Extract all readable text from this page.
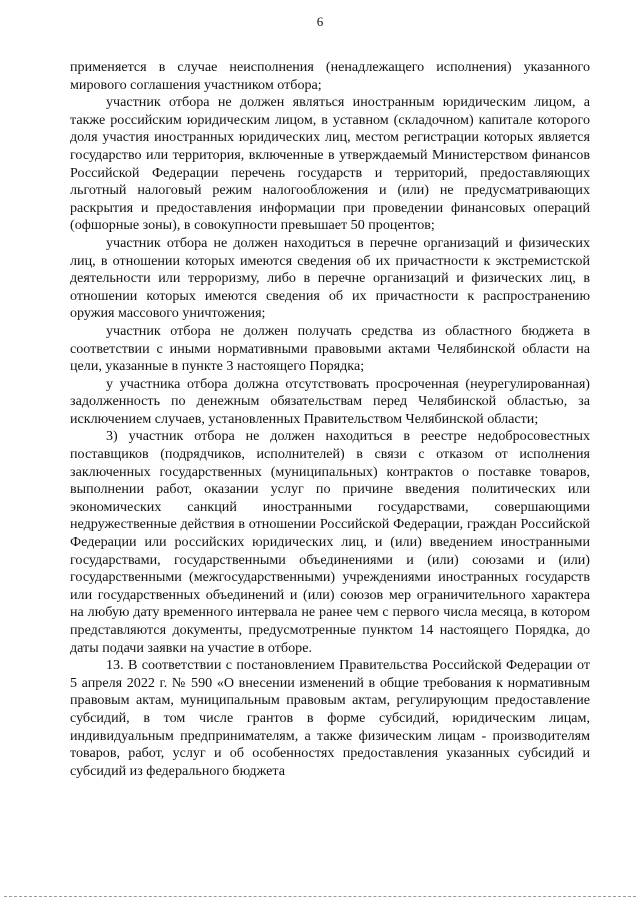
6

применяется в случае неисполнения (ненадлежащего исполнения) указанного мирового соглашения участником отбора;

участник отбора не должен являться иностранным юридическим лицом, а также российским юридическим лицом, в уставном (складочном) капитале которого доля участия иностранных юридических лиц, местом регистрации которых является государство или территория, включенные в утверждаемый Министерством финансов Российской Федерации перечень государств и территорий, предоставляющих льготный налоговый режим налогообложения и (или) не предусматривающих раскрытия и предоставления информации при проведении финансовых операций (офшорные зоны), в совокупности превышает 50 процентов;

участник отбора не должен находиться в перечне организаций и физических лиц, в отношении которых имеются сведения об их причастности к экстремистской деятельности или терроризму, либо в перечне организаций и физических лиц, в отношении которых имеются сведения об их причастности к распространению оружия массового уничтожения;

участник отбора не должен получать средства из областного бюджета в соответствии с иными нормативными правовыми актами Челябинской области на цели, указанные в пункте 3 настоящего Порядка;

у участника отбора должна отсутствовать просроченная (неурегулированная) задолженность по денежным обязательствам перед Челябинской областью, за исключением случаев, установленных Правительством Челябинской области;

3) участник отбора не должен находиться в реестре недобросовестных поставщиков (подрядчиков, исполнителей) в связи с отказом от исполнения заключенных государственных (муниципальных) контрактов о поставке товаров, выполнении работ, оказании услуг по причине введения политических или экономических санкций иностранными государствами, совершающими недружественные действия в отношении Российской Федерации, граждан Российской Федерации или российских юридических лиц, и (или) введением иностранными государствами, государственными объединениями и (или) союзами и (или) государственными (межгосударственными) учреждениями иностранных государств или государственных объединений и (или) союзов мер ограничительного характера на любую дату временного интервала не ранее чем с первого числа месяца, в котором представляются документы, предусмотренные пунктом 14 настоящего Порядка, до даты подачи заявки на участие в отборе.

13. В соответствии с постановлением Правительства Российской Федерации от 5 апреля 2022 г. № 590 «О внесении изменений в общие требования к нормативным правовым актам, муниципальным правовым актам, регулирующим предоставление субсидий, в том числе грантов в форме субсидий, юридическим лицам, индивидуальным предпринимателям, а также физическим лицам - производителям товаров, работ, услуг и об особенностях предоставления указанных субсидий и субсидий из федерального бюджета
